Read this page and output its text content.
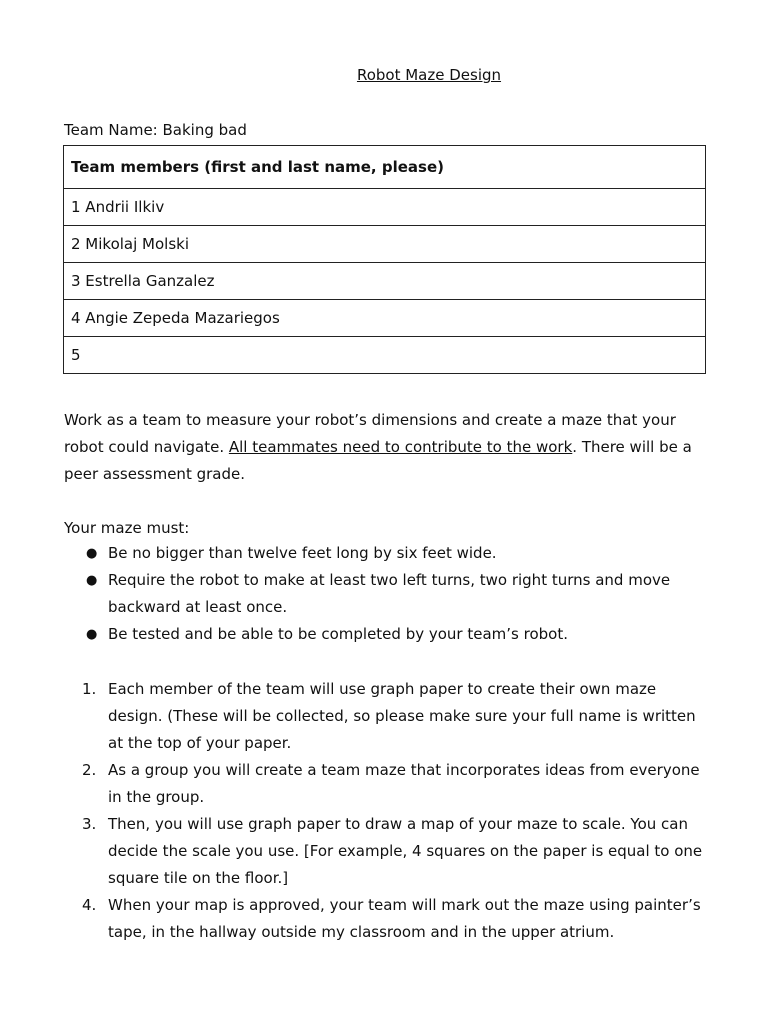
Robot Maze Design
Team Name: Baking bad
Team members (first and last name, please)
1 Andrii Ilkiv
2 Mikolaj Molski
3 Estrella Ganzalez
4 Angie Zepeda Mazariegos
5
Work as a team to measure your robot’s dimensions and create a maze that your robot could navigate. All teammates need to contribute to the work. There will be a peer assessment grade.
Your maze must:
● Be no bigger than twelve feet long by six feet wide.
● Require the robot to make at least two left turns, two right turns and move backward at least once.
● Be tested and be able to be completed by your team’s robot.
1. Each member of the team will use graph paper to create their own maze design. (These will be collected, so please make sure your full name is written at the top of your paper.
2. As a group you will create a team maze that incorporates ideas from everyone in the group.
3. Then, you will use graph paper to draw a map of your maze to scale. You can decide the scale you use. [For example, 4 squares on the paper is equal to one square tile on the floor.]
4. When your map is approved, your team will mark out the maze using painter’s tape, in the hallway outside my classroom and in the upper atrium.
